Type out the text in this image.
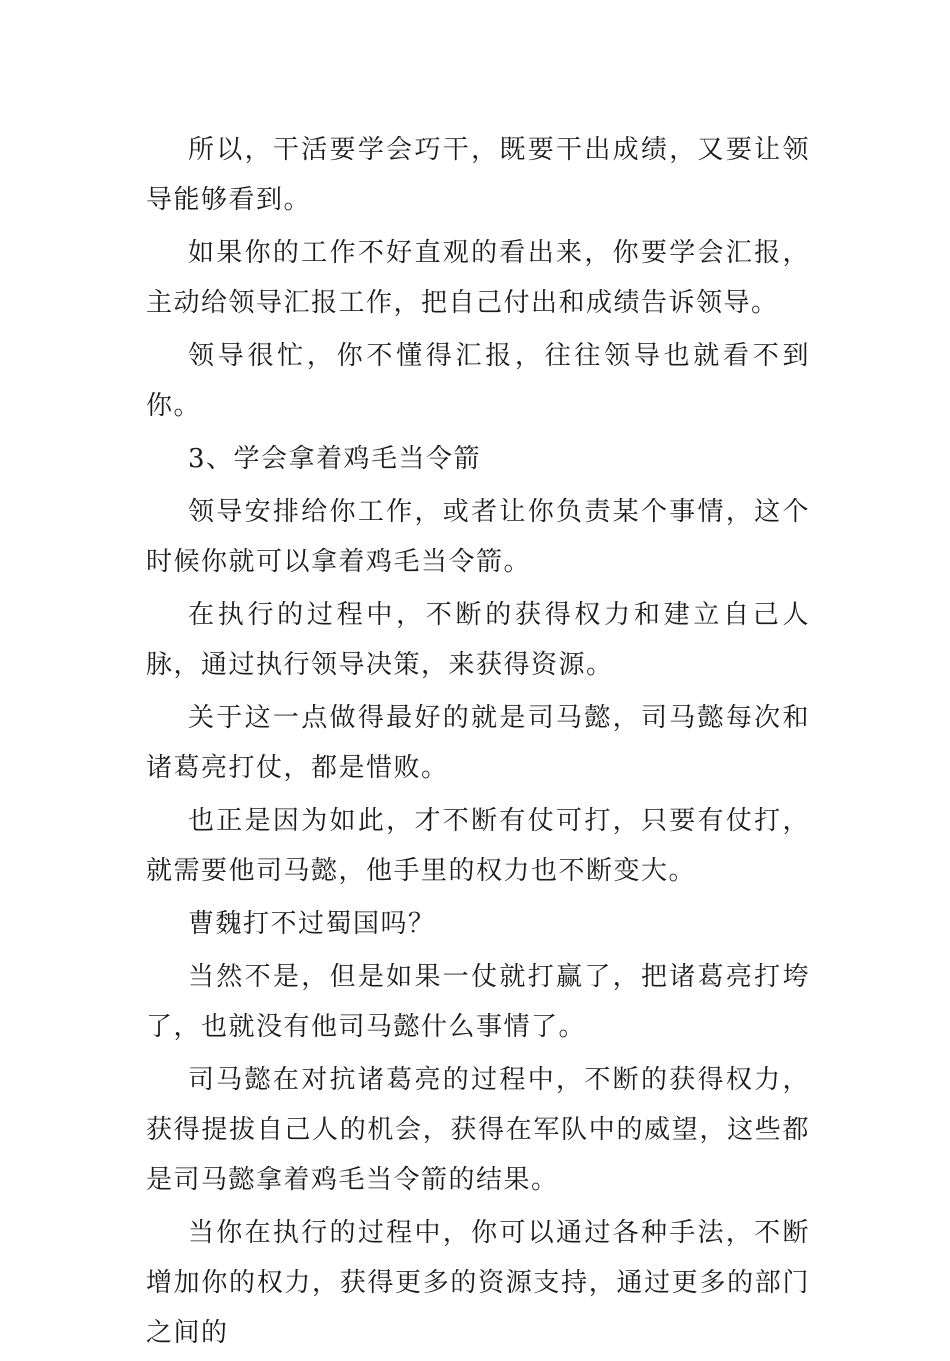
所以，干活要学会巧干，既要干出成绩，又要让领导能够看到。

如果你的工作不好直观的看出来，你要学会汇报，主动给领导汇报工作，把自己付出和成绩告诉领导。

领导很忙，你不懂得汇报，往往领导也就看不到你。

3、学会拿着鸡毛当令箭

领导安排给你工作，或者让你负责某个事情，这个时候你就可以拿着鸡毛当令箭。

在执行的过程中，不断的获得权力和建立自己人脉，通过执行领导决策，来获得资源。

关于这一点做得最好的就是司马懿，司马懿每次和诸葛亮打仗，都是惜败。

也正是因为如此，才不断有仗可打，只要有仗打，就需要他司马懿，他手里的权力也不断变大。

曹魏打不过蜀国吗？

当然不是，但是如果一仗就打赢了，把诸葛亮打垮了，也就没有他司马懿什么事情了。

司马懿在对抗诸葛亮的过程中，不断的获得权力，获得提拔自己人的机会，获得在军队中的威望，这些都是司马懿拿着鸡毛当令箭的结果。

当你在执行的过程中，你可以通过各种手法，不断增加你的权力，获得更多的资源支持，通过更多的部门之间的
